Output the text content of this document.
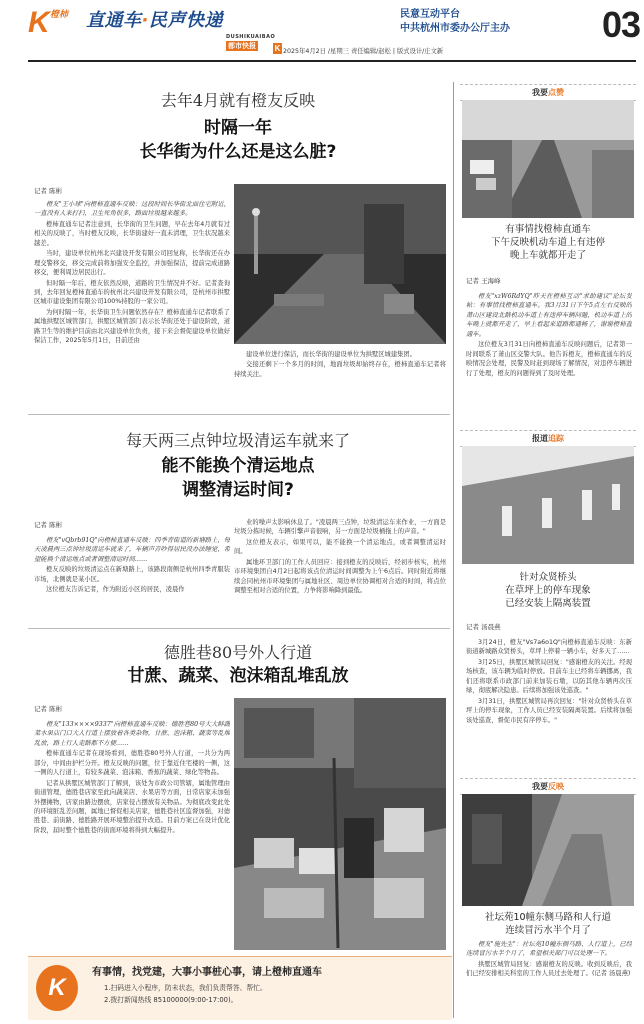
K 橙柿 直通车·民声快递	民意互动平台
中共杭州市委办公厅主办	03
DUSHIKUAIBAO
都市快报	K 2025年4月2日 /星期三 责任编辑/赵松 | 版式设计/庄文新
去年4月就有橙友反映
时隔一年
长华街为什么还是这么脏?
记者 陈彬

橙友"王小球"向橙柿直通车反映：这段时间长华街北面住宅附近，一直没有人来打扫，卫生死角很多，路面垃圾越来越多。

橙柿直通车记者注意到，长华街的卫生问题，早在去年4月就有过相关的反映了，当时橙友反映，长华街建好一直未清理，卫生状况越来越差。

当时，建设单位杭州北兴建设开发有限公司回复称，长华街还在办理交警移交，移交完成前将加强安全监控，并加强保洁，提前完成道路移交，便利周边居民出行。

但时隔一年后，橙友依然反映，道路的卫生情况并不好。记者查询到，去年回复橙柿直通车的杭州北兴建设开发有限公司，是杭州市拱墅区城市建设集团有限公司100%持股的一家公司。

为何时隔一年，长华街卫生问题依然存在？橙柿直通车记者联系了属地拱墅区城管部门，拱墅区城管部门表示长华街还处于建设阶段，道路卫生等的维护目前由北兴建设单位负责，接下来会督促建设单位做好保洁工作，2025年5月1日，目前还由

建设单位进行保洁，而长华街的建设单位为拱墅区城建集团。

交接还剩下一个多月的时间，地面垃圾却始终存在，橙柿直通车记者将持续关注。

每天两三点钟垃圾清运车就来了
能不能换个清运地点
调整清运时间?
记者 陈彬

橙友"vQbrb91Q"向橙柿直通车反映：四季青街道的新塘路上，每天凌晨两三点钟垃圾清运车就来了，车辆声音吵得居民没办法睡觉，希望能换个清运地点或者调整清运时间……

橙友反映的垃圾清运点在新塘路上，该路段南侧是杭州四季青服装市场，北侧就是某小区。

这位橙友告诉记者，作为附近小区的居民，凌晨作

业的噪声太影响休息了。"凌晨两三点钟，垃圾清运车来作业，一方面是垃圾分拣时候，车辆引擎声音很响，另一方面是垃圾桶拖上的声音。"

这位橙友表示，如果可以，能不能换一个清运地点，或者调整清运时间。

属地环卫部门的工作人员回应：接到橙友的反映后，经初步核实，杭州市环境集团自4月2日起将该点位清运时间调整为上午6点后。同时附近将继续会同杭州市环境集团与属地社区、周边单位协调相对合适的时间，将点位调整至相对合适的位置，力争将影响降到最低。

德胜巷80号外人行道
甘蔗、蔬菜、泡沫箱乱堆乱放
记者 陈彬

橙友"133××××9337"向橙柿直通车反映：德胜巷80号大大鲜蔬菜水果店门口大人行道上摆放着各类杂物，甘蔗、泡沫箱、蔬菜等乱堆乱放，路上行人走路都不方便……

橙柿直通车记者在现场看到，德胜巷80号外人行道，一共分为两部分，中间由护栏分开。橙友反映的问题，位于靠近住宅楼的一侧，这一侧的人行道上，有较多蔬菜、泡沫箱、香蕉的蔬菜、绿化等物品。

记者从拱墅区城管部门了解到，该处为市政公司管辖，属地管理由街道管理，德胜巷店家至此向蔬菜店、水果店等方面，日常店家未加强外摆摊物，店家由路边摆放，店家侵占摆放有关物品。为彻底改变此处的环境脏乱差问题，属地已督促相关店家，德胜巷社区监督加强，对德胜巷、前街路、德胜路开展环境整治提升改造。目前方案已在设计优化阶段，届时整个德胜巷的街面环境将得到大幅提升。

我要点赞
有事情找橙柿直通车
下午反映机动车道上有违停
晚上车就都开走了
记者 王海峰

橙友"xzW6RdYQ"昨天在橙柿互动"求助建议"论坛发帖：有事情找橙柿直通车。我3月31日下午5点左右反映的萧山区建设北路机动车道上有违停车辆问题，机动车道上的车晚上就都开走了，早上看起来道路都通畅了，谢谢橙柿直通车。

这位橙友3月31日向橙柿直通车反映问题后，记者第一时间联系了萧山区交警大队。他告诉橙友，橙柿直通车的反映情况会处理，民警及时赶到现场了解情况，对违停车辆进行了处理，橙友的问题得到了及时处理。

报道追踪
针对众贤桥头
在草坪上的停车现象
已经安装上隔离装置
记者 汤晨燕

3月24日，橙友"Vs7a6o1Q"向橙柿直通车反映：东新街道新城路众贤桥头，草坪上停着一辆小车，好多天了……

3月25日，拱墅区城管局回复："感谢橙友的关注。经现场核查，该车辆为临时停放。目前车主已经将车辆挪离，我们还将联系市政部门前来加装石墩，以防其他车辆再次压绿，彻底解决隐患。后续将加强该处巡查。"

3月31日，拱墅区城管局再次回复："针对众贤桥头在草坪上的停车现象，工作人员已经安装隔离装置。后续将加强该处巡查，督促市民有序停车。"

我要反映
社坛苑10幢东侧马路和人行道
连续冒污水半个月了

橙友"施先生"：社坛苑10幢东侧马路、人行道上，已经连续冒污水半个月了，希望相关部门可以处理一下。

拱墅区城管局回复：感谢橙友的反映。收到反映后，我们已经安排相关科室的工作人员过去处理了。(记者 汤晨燕)

K
有事情，找党建，大事小事桩心事，请上橙柿直通车
1.扫码进入小程序，防未状态，我们负责帮答、帮忙。
2.拨打新闻热线 85100000(9:00-17:00)。
